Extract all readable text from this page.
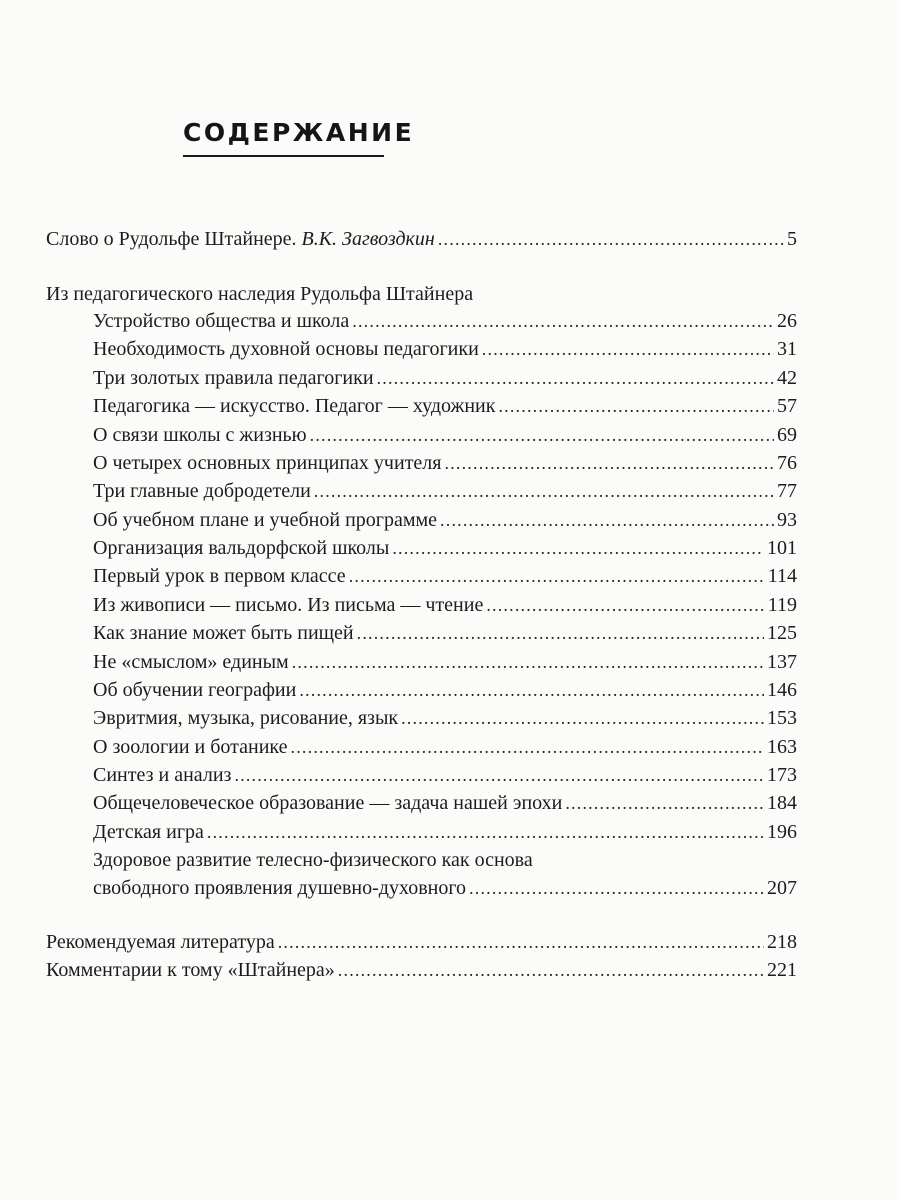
СОДЕРЖАНИЕ
Слово о Рудольфе Штайнере. В.К. Загвоздкин .....	5
Из педагогического наследия Рудольфа Штайнера
Устройство общества и школа .....	26
Необходимость духовной основы педагогики .....	31
Три золотых правила педагогики .....	42
Педагогика — искусство. Педагог — художник .....	57
О связи школы с жизнью .....	69
О четырех основных принципах учителя .....	76
Три главные добродетели .....	77
Об учебном плане и учебной программе .....	93
Организация вальдорфской школы .....	101
Первый урок в первом классе .....	114
Из живописи — письмо. Из письма — чтение .....	119
Как знание может быть пищей .....	125
Не «смыслом» единым .....	137
Об обучении географии .....	146
Эвритмия, музыка, рисование, язык .....	153
О зоологии и ботанике .....	163
Синтез и анализ .....	173
Общечеловеческое образование — задача нашей эпохи .....	184
Детская игра .....	196
Здоровое развитие телесно-физического как основа
свободного проявления душевно-духовного .....	207
Рекомендуемая литература .....	218
Комментарии к тому «Штайнера» .....	221
